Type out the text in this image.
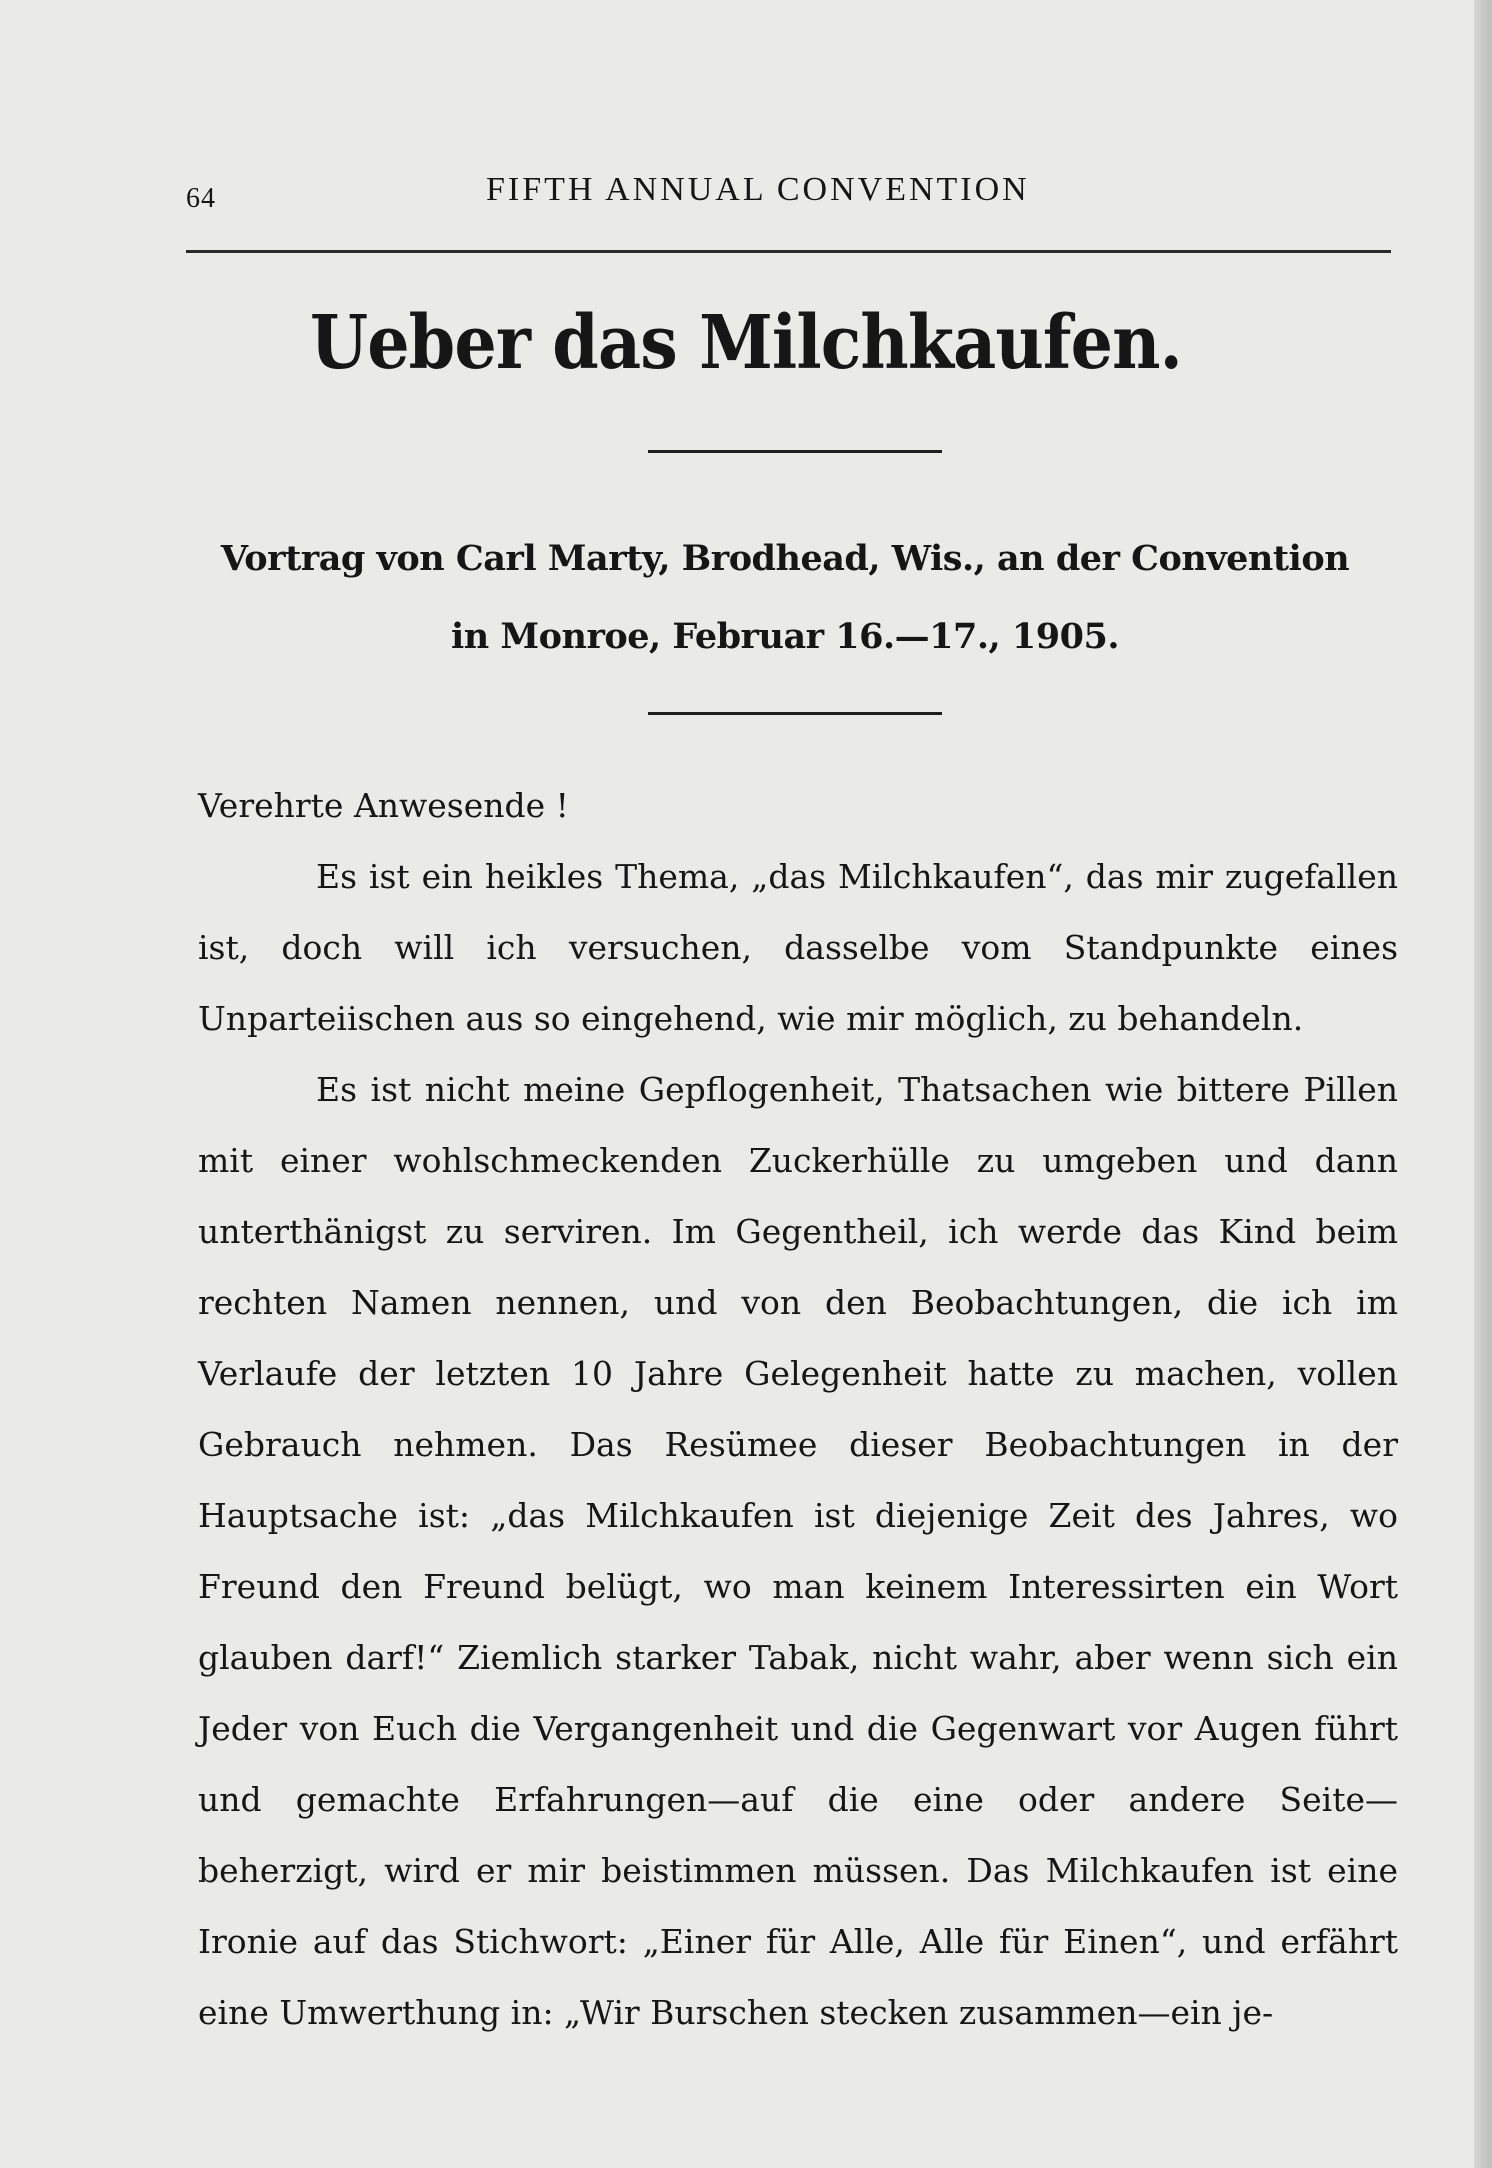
64	FIFTH ANNUAL CONVENTION
Ueber das Milchkaufen.
Vortrag von Carl Marty, Brodhead, Wis., an der Convention in Monroe, Februar 16.—17., 1905.

Verehrte Anwesende !

Es ist ein heikles Thema, „das Milchkaufen“, das mir zugefallen ist, doch will ich versuchen, dasselbe vom Standpunkte eines Unparteiischen aus so eingehend, wie mir möglich, zu behandeln.

Es ist nicht meine Gepflogenheit, Thatsachen wie bittere Pillen mit einer wohlschmeckenden Zuckerhülle zu umgeben und dann unterthänigst zu serviren. Im Gegentheil, ich werde das Kind beim rechten Namen nennen, und von den Beobachtungen, die ich im Verlaufe der letzten 10 Jahre Gelegenheit hatte zu machen, vollen Gebrauch nehmen. Das Resümee dieser Beobachtungen in der Hauptsache ist: „das Milchkaufen ist diejenige Zeit des Jahres, wo Freund den Freund belügt, wo man keinem Interessirten ein Wort glauben darf!“ Ziemlich starker Tabak, nicht wahr, aber wenn sich ein Jeder von Euch die Vergangenheit und die Gegenwart vor Augen führt und gemachte Erfahrungen—auf die eine oder andere Seite—beherzigt, wird er mir beistimmen müssen. Das Milchkaufen ist eine Ironie auf das Stichwort: „Einer für Alle, Alle für Einen“, und erfährt eine Umwerthung in: „Wir Burschen stecken zusammen—ein je-
